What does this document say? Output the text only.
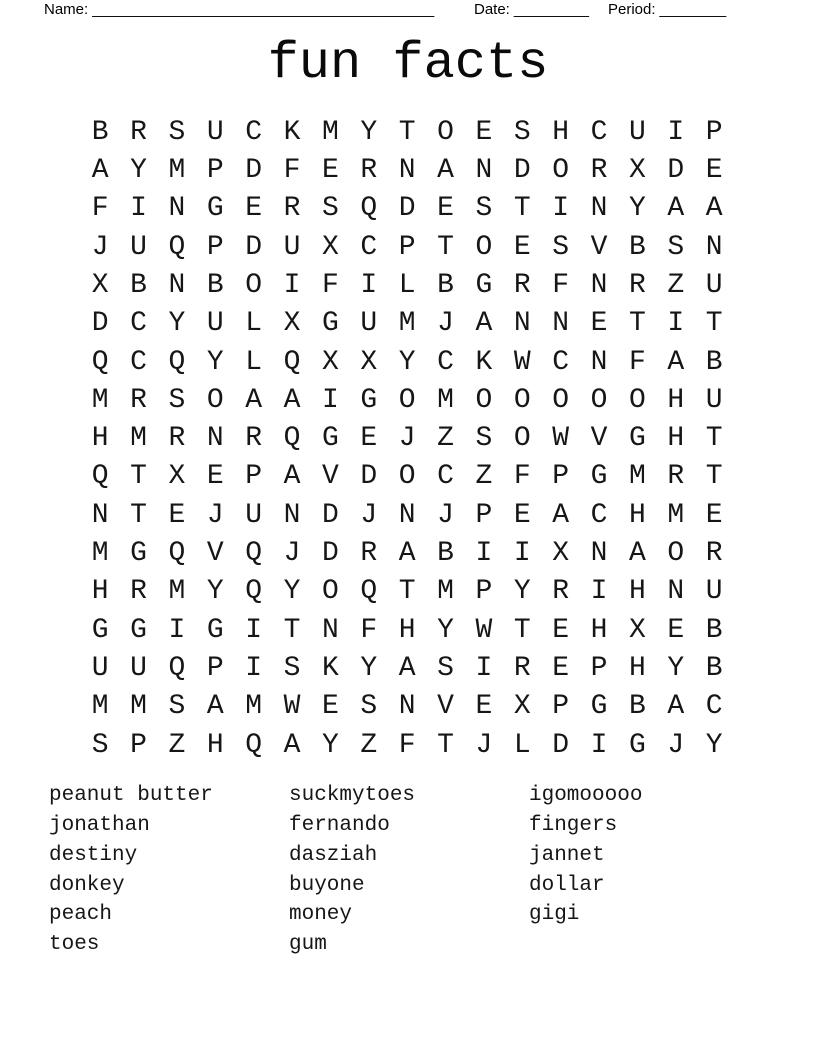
Name: _________________________________________	Date: _________ Period: ________
fun facts
B R S U C K M Y T O E S H C U I P
A Y M P D F E R N A N D O R X D E
F I N G E R S Q D E S T I N Y A A
J U Q P D U X C P T O E S V B S N
X B N B O I F I L B G R F N R Z U
D C Y U L X G U M J A N N E T I T
Q C Q Y L Q X X Y C K W C N F A B
M R S O A A I G O M O O O O O H U
H M R N R Q G E J Z S O W V G H T
Q T X E P A V D O C Z F P G M R T
N T E J U N D J N J P E A C H M E
M G Q V Q J D R A B I I X N A O R
H R M Y Q Y O Q T M P Y R I H N U
G G I G I T N F H Y W T E H X E B
U U Q P I S K Y A S I R E P H Y B
M M S A M W E S N V E X P G B A C
S P Z H Q A Y Z F T J L D I G J Y
peanut butter
jonathan
destiny
donkey
peach
toes
suckmytoes
fernando
dasziah
buyone
money
gum
igomooooo
fingers
jannet
dollar
gigi
